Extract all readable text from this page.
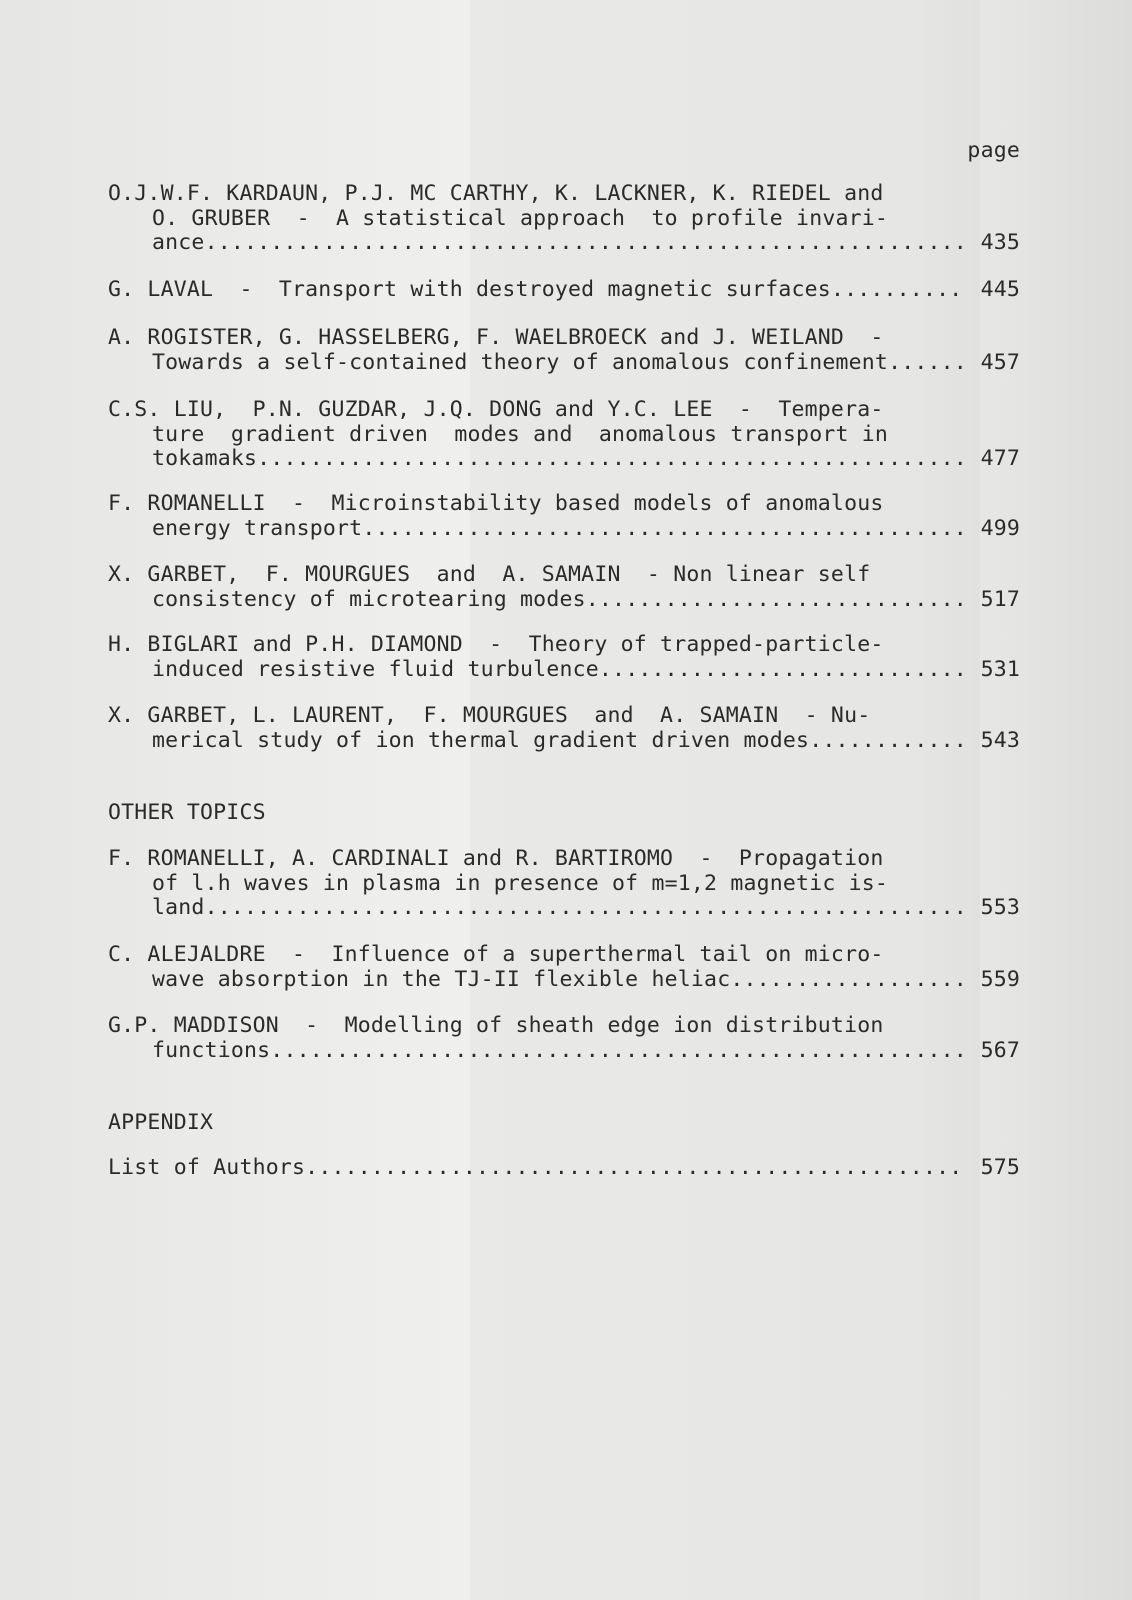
page
O.J.W.F. KARDAUN, P.J. MC CARTHY, K. LACKNER, K. RIEDEL and
O. GRUBER  -  A statistical approach  to profile invari-
ance .....	435
G. LAVAL  -  Transport with destroyed magnetic surfaces .....	445
A. ROGISTER, G. HASSELBERG, F. WAELBROECK and J. WEILAND  -
Towards a self-contained theory of anomalous confinement .....	457
C.S. LIU,  P.N. GUZDAR, J.Q. DONG and Y.C. LEE  -  Tempera-
ture  gradient driven  modes and  anomalous transport in
tokamaks .....	477
F. ROMANELLI  -  Microinstability based models of anomalous
energy transport .....	499
X. GARBET,  F. MOURGUES  and  A. SAMAIN  - Non linear self
consistency of microtearing modes .....	517
H. BIGLARI and P.H. DIAMOND  -  Theory of trapped-particle-
induced resistive fluid turbulence .....	531
X. GARBET, L. LAURENT,  F. MOURGUES  and  A. SAMAIN  - Nu-
merical study of ion thermal gradient driven modes .....	543
OTHER TOPICS
F. ROMANELLI, A. CARDINALI and R. BARTIROMO  -  Propagation
of l.h waves in plasma in presence of m=1,2 magnetic is-
land .....	553
C. ALEJALDRE  -  Influence of a superthermal tail on micro-
wave absorption in the TJ-II flexible heliac .....	559
G.P. MADDISON  -  Modelling of sheath edge ion distribution
functions .....	567
APPENDIX
List of Authors .....	575
